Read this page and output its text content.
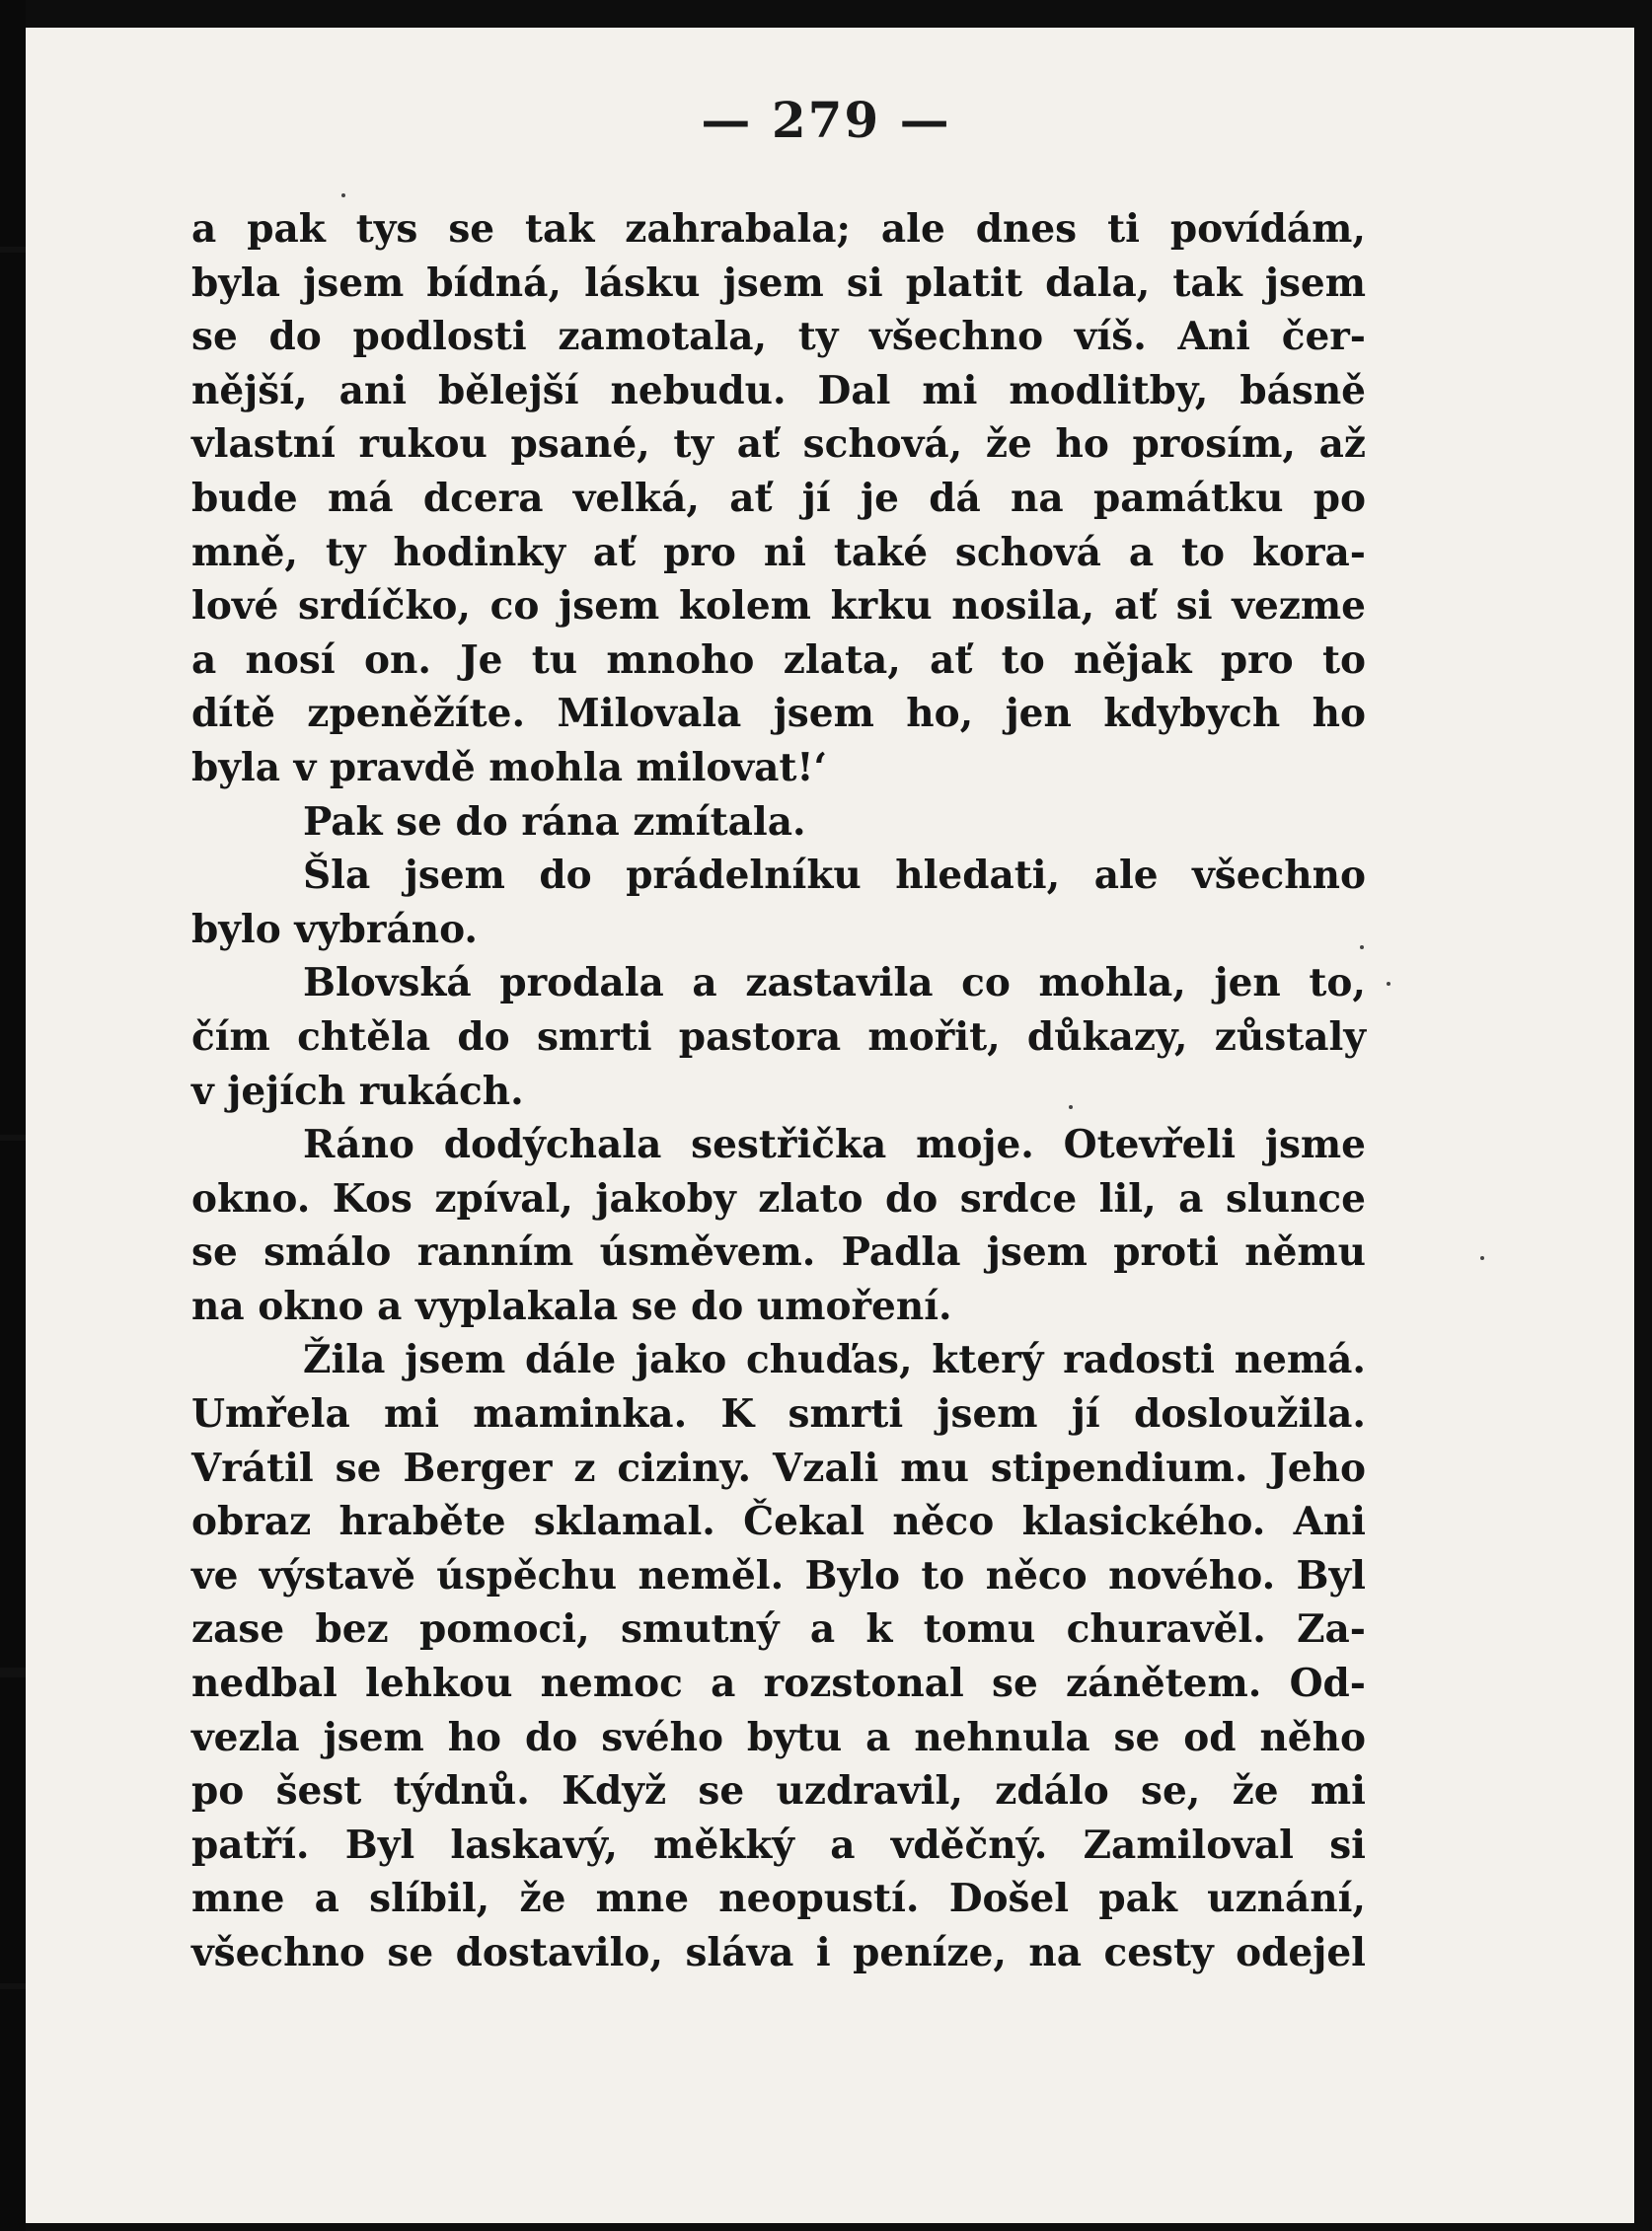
— 279 —
a pak tys se tak zahrabala; ale dnes ti povídám,
byla jsem bídná, lásku jsem si platit dala, tak jsem
se do podlosti zamotala, ty všechno víš. Ani čer-
nější, ani bělejší nebudu. Dal mi modlitby, básně
vlastní rukou psané, ty ať schová, že ho prosím, až
bude má dcera velká, ať jí je dá na památku po
mně, ty hodinky ať pro ni také schová a to kora-
lové srdíčko, co jsem kolem krku nosila, ať si vezme
a nosí on. Je tu mnoho zlata, ať to nějak pro to
dítě zpeněžíte. Milovala jsem ho, jen kdybych ho
byla v pravdě mohla milovat!‘
Pak se do rána zmítala.
Šla jsem do prádelníku hledati, ale všechno
bylo vybráno.
Blovská prodala a zastavila co mohla, jen to,
čím chtěla do smrti pastora mořit, důkazy, zůstaly
v jejích rukách.
Ráno dodýchala sestřička moje. Otevřeli jsme
okno. Kos zpíval, jakoby zlato do srdce lil, a slunce
se smálo ranním úsměvem. Padla jsem proti němu
na okno a vyplakala se do umoření.
Žila jsem dále jako chuďas, který radosti nemá.
Umřela mi maminka. K smrti jsem jí dosloužila.
Vrátil se Berger z ciziny. Vzali mu stipendium. Jeho
obraz hraběte sklamal. Čekal něco klasického. Ani
ve výstavě úspěchu neměl. Bylo to něco nového. Byl
zase bez pomoci, smutný a k tomu churavěl. Za-
nedbal lehkou nemoc a rozstonal se zánětem. Od-
vezla jsem ho do svého bytu a nehnula se od něho
po šest týdnů. Když se uzdravil, zdálo se, že mi
patří. Byl laskavý, měkký a vděčný. Zamiloval si
mne a slíbil, že mne neopustí. Došel pak uznání,
všechno se dostavilo, sláva i peníze, na cesty odejel
